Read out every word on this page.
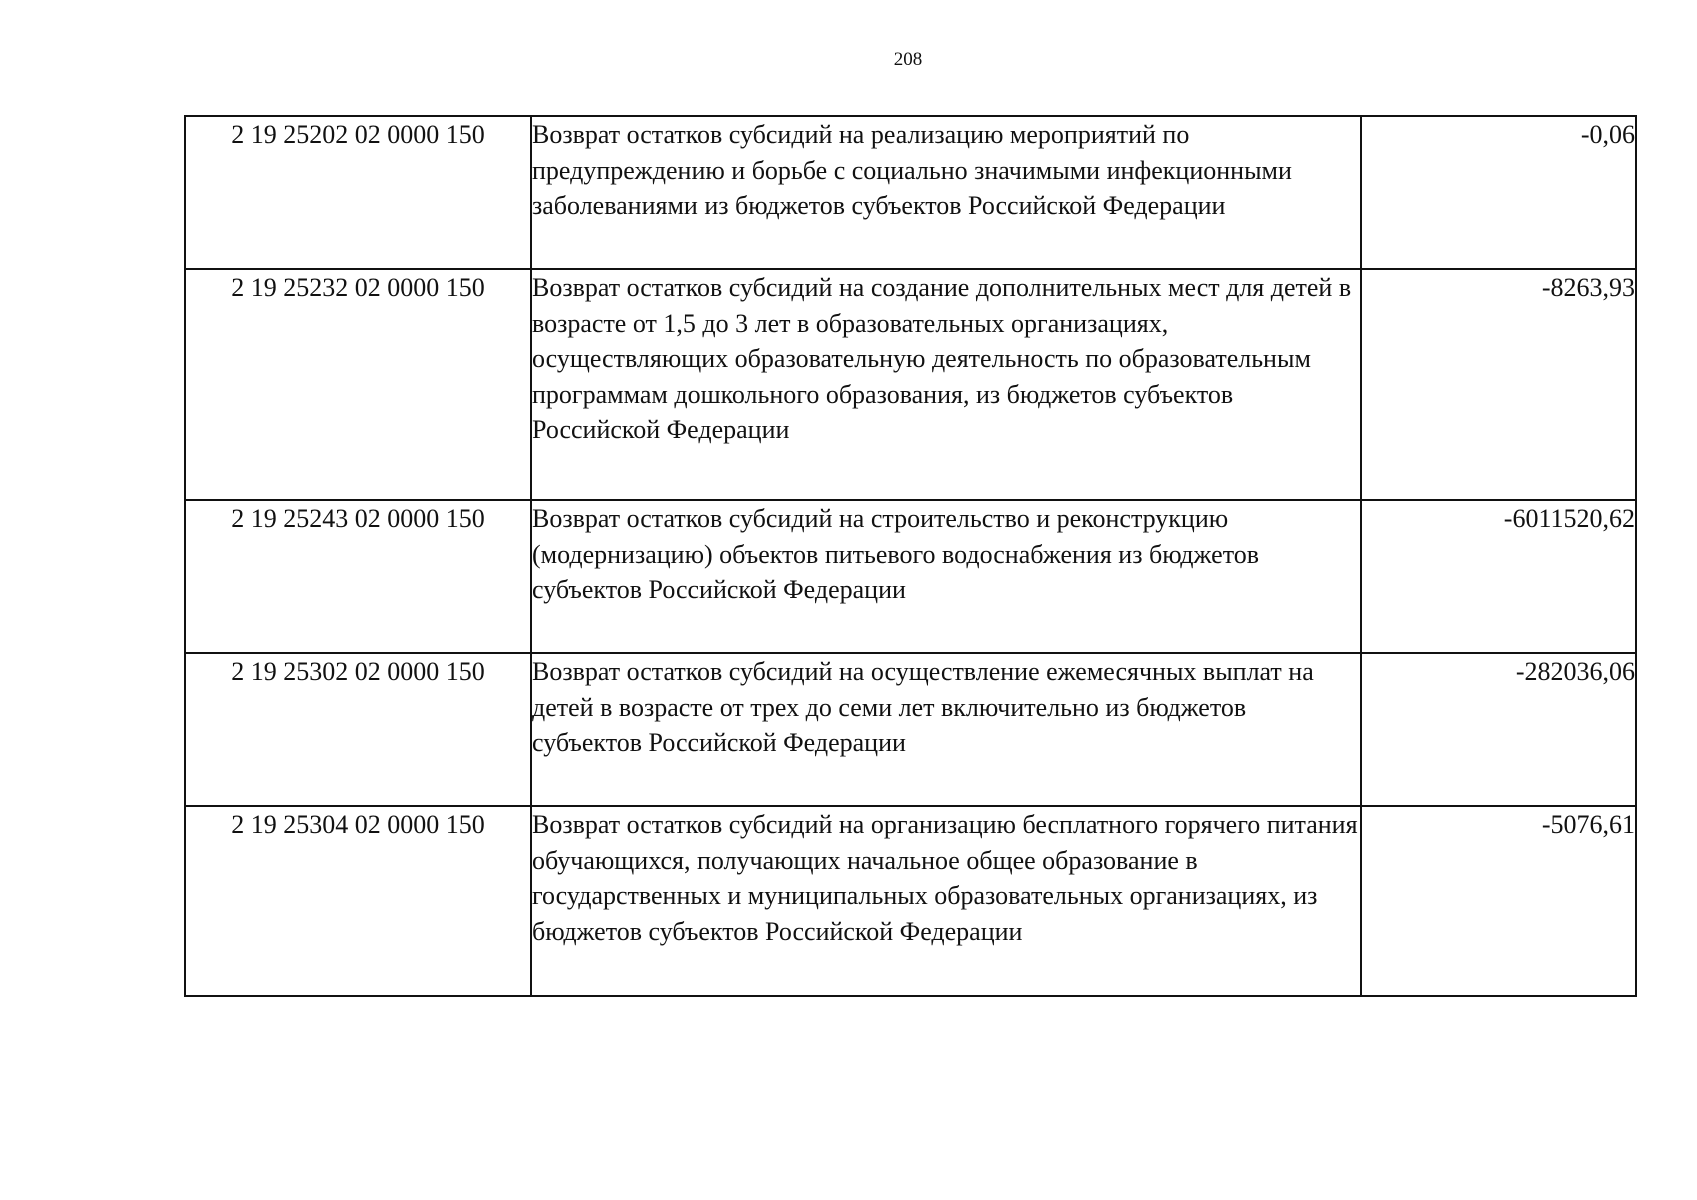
208
2 19 25202 02 0000 150	Возврат остатков субсидий на реализацию мероприятий по предупреждению и борьбе с социально значимыми инфекционными заболеваниями из бюджетов субъектов Российской Федерации	-0,06
2 19 25232 02 0000 150	Возврат остатков субсидий на создание дополнительных мест для детей в возрасте от 1,5 до 3 лет в образовательных организациях, осуществляющих образовательную деятельность по образовательным программам дошкольного образования, из бюджетов субъектов Российской Федерации	-8263,93
2 19 25243 02 0000 150	Возврат остатков субсидий на строительство и реконструкцию (модернизацию) объектов питьевого водоснабжения из бюджетов субъектов Российской Федерации	-6011520,62
2 19 25302 02 0000 150	Возврат остатков субсидий на осуществление ежемесячных выплат на детей в возрасте от трех до семи лет включительно из бюджетов субъектов Российской Федерации	-282036,06
2 19 25304 02 0000 150	Возврат остатков субсидий на организацию бесплатного горячего питания обучающихся, получающих начальное общее образование в государственных и муниципальных образовательных организациях, из бюджетов субъектов Российской Федерации	-5076,61
